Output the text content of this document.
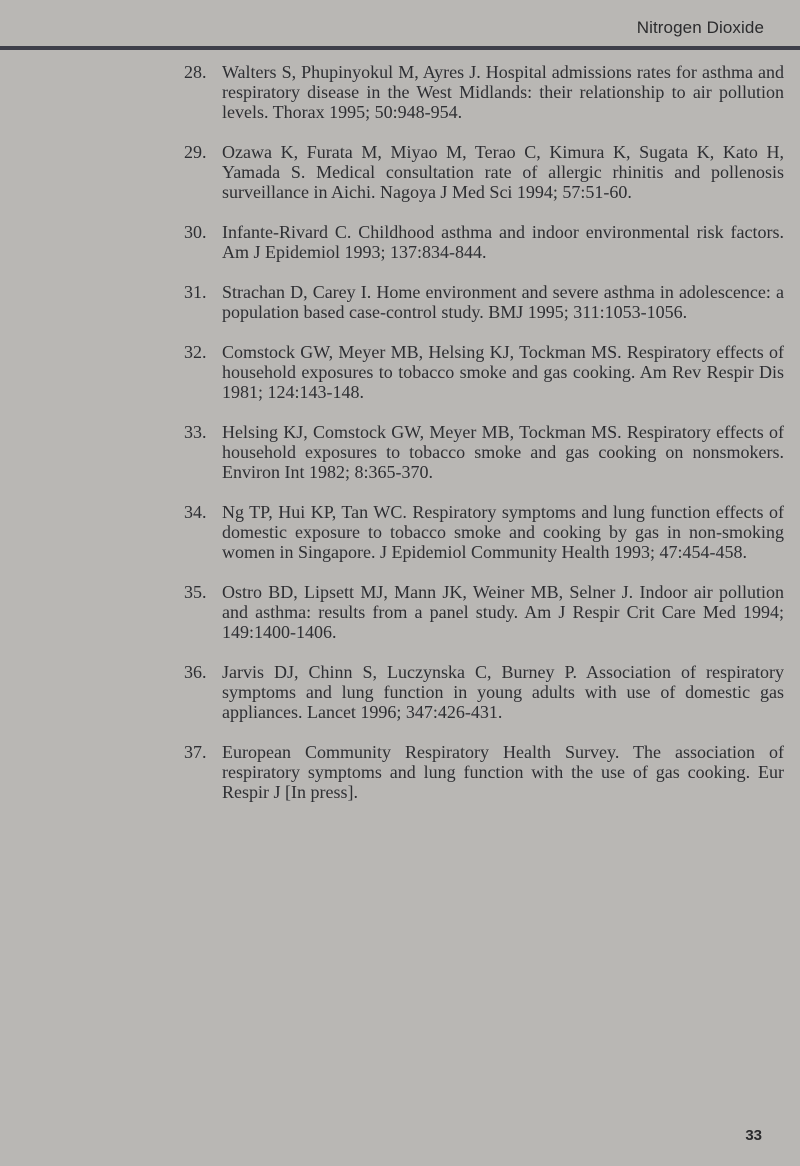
Nitrogen Dioxide
28. Walters S, Phupinyokul M, Ayres J. Hospital admissions rates for asthma and respiratory disease in the West Midlands: their relationship to air pollution levels. Thorax 1995; 50:948-954.
29. Ozawa K, Furata M, Miyao M, Terao C, Kimura K, Sugata K, Kato H, Yamada S. Medical consultation rate of allergic rhinitis and pollenosis surveillance in Aichi. Nagoya J Med Sci 1994; 57:51-60.
30. Infante-Rivard C. Childhood asthma and indoor environmental risk factors. Am J Epidemiol 1993; 137:834-844.
31. Strachan D, Carey I. Home environment and severe asthma in adolescence: a population based case-control study. BMJ 1995; 311:1053-1056.
32. Comstock GW, Meyer MB, Helsing KJ, Tockman MS. Respiratory effects of household exposures to tobacco smoke and gas cooking. Am Rev Respir Dis 1981; 124:143-148.
33. Helsing KJ, Comstock GW, Meyer MB, Tockman MS. Respiratory effects of household exposures to tobacco smoke and gas cooking on nonsmokers. Environ Int 1982; 8:365-370.
34. Ng TP, Hui KP, Tan WC. Respiratory symptoms and lung function effects of domestic exposure to tobacco smoke and cooking by gas in non-smoking women in Singapore. J Epidemiol Community Health 1993; 47:454-458.
35. Ostro BD, Lipsett MJ, Mann JK, Weiner MB, Selner J. Indoor air pollution and asthma: results from a panel study. Am J Respir Crit Care Med 1994; 149:1400-1406.
36. Jarvis DJ, Chinn S, Luczynska C, Burney P. Association of respiratory symptoms and lung function in young adults with use of domestic gas appliances. Lancet 1996; 347:426-431.
37. European Community Respiratory Health Survey. The association of respiratory symptoms and lung function with the use of gas cooking. Eur Respir J [In press].
33
